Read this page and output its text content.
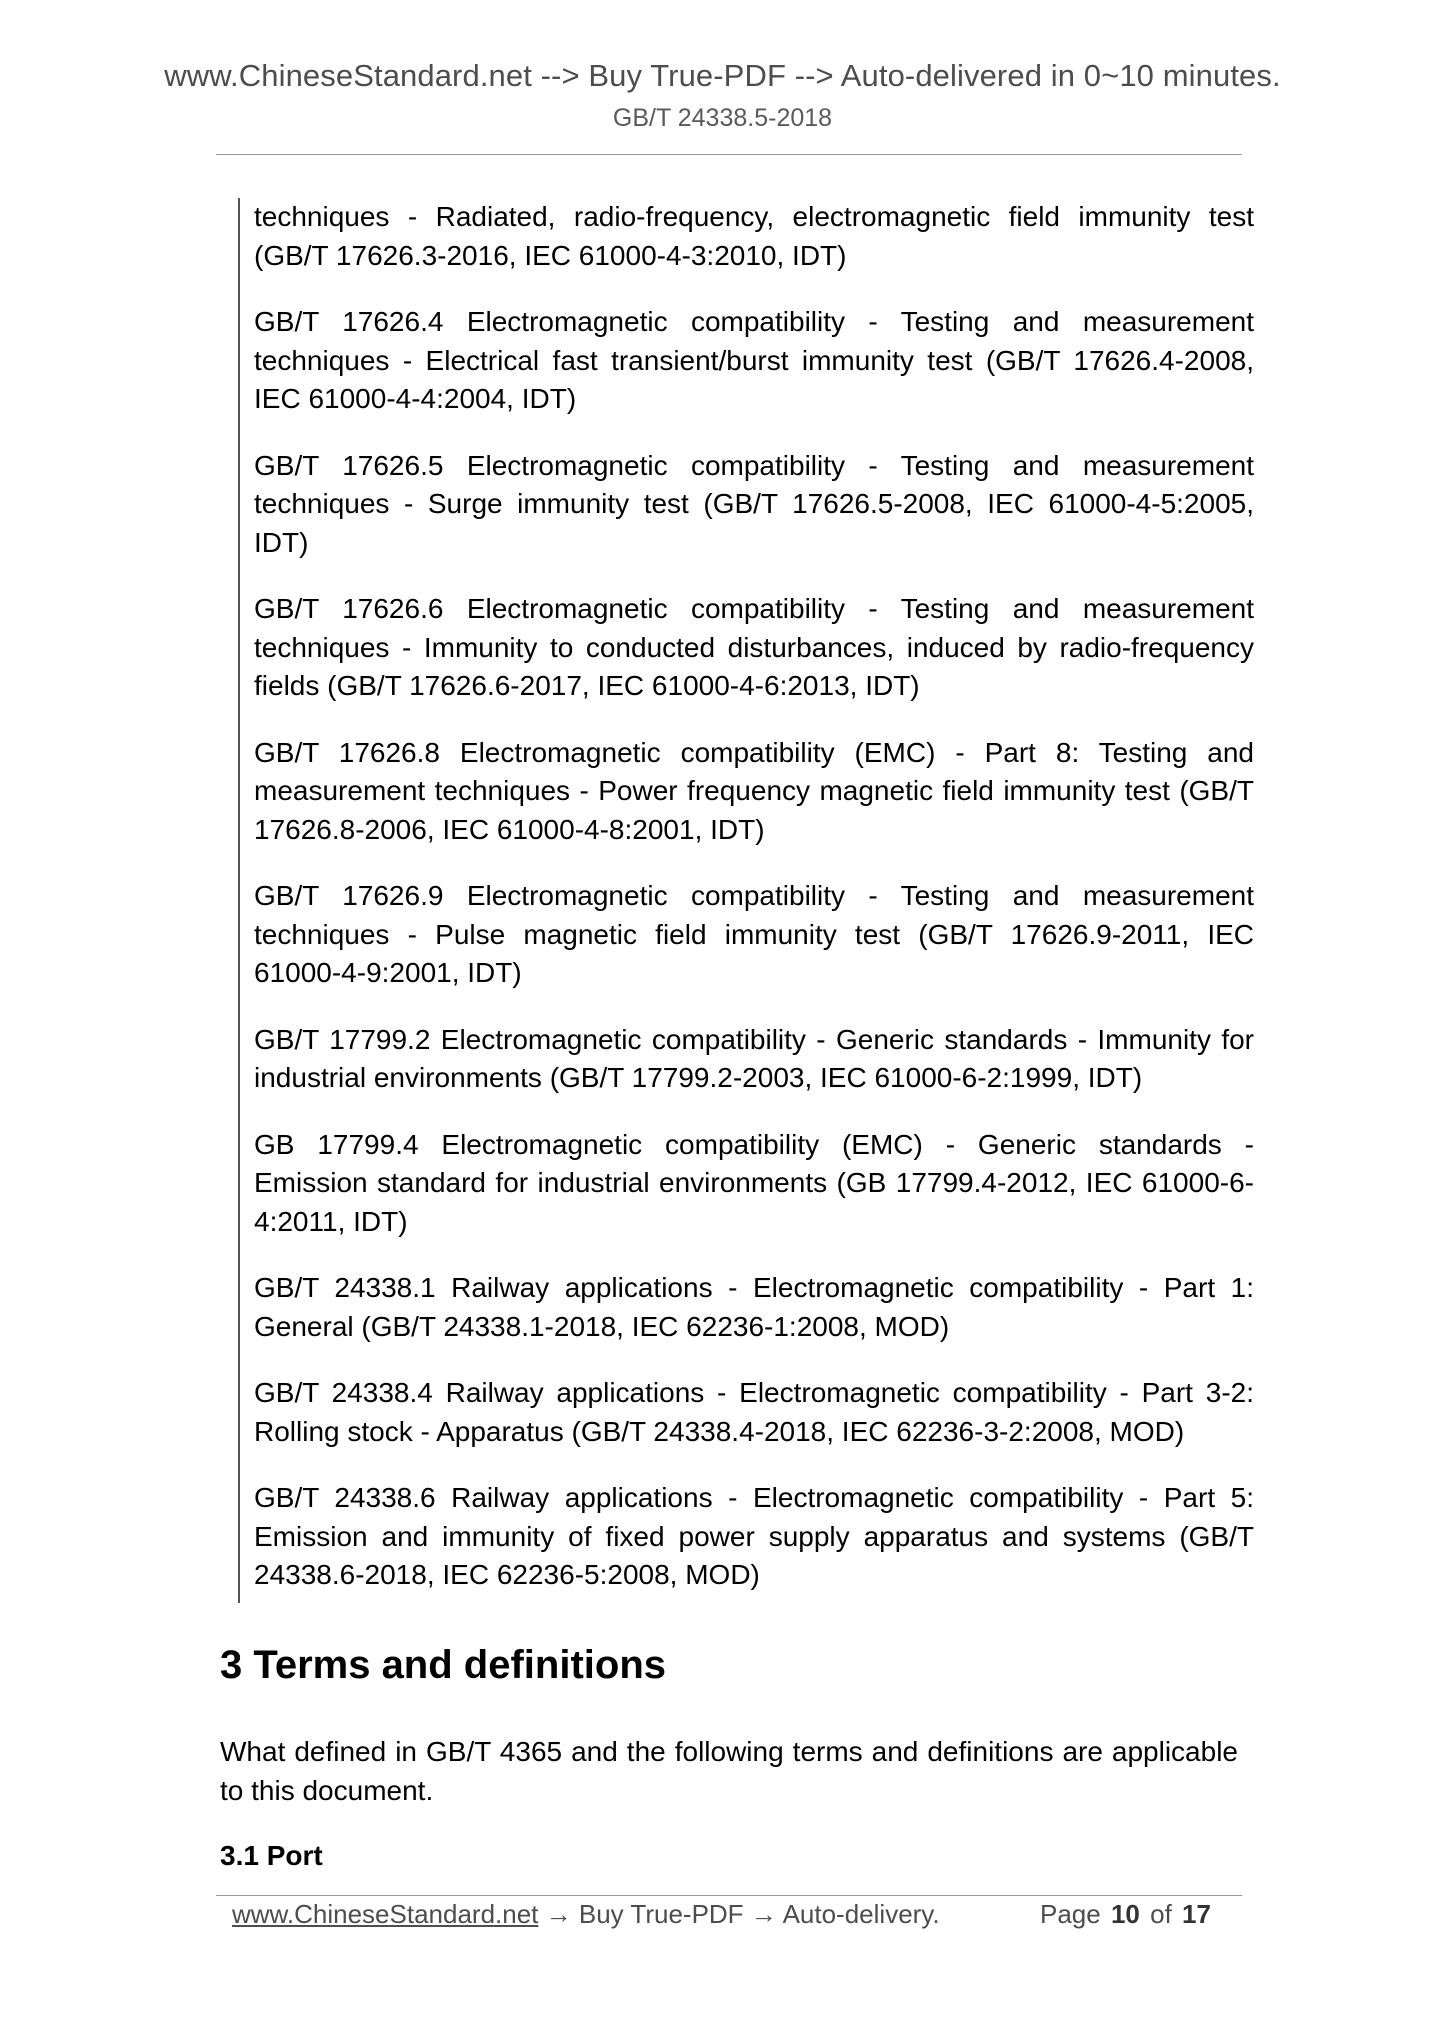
www.ChineseStandard.net --> Buy True-PDF --> Auto-delivered in 0~10 minutes.
GB/T 24338.5-2018

techniques - Radiated, radio-frequency, electromagnetic field immunity test (GB/T 17626.3-2016, IEC 61000-4-3:2010, IDT)

GB/T 17626.4 Electromagnetic compatibility - Testing and measurement techniques - Electrical fast transient/burst immunity test (GB/T 17626.4-2008, IEC 61000-4-4:2004, IDT)

GB/T 17626.5 Electromagnetic compatibility - Testing and measurement techniques - Surge immunity test (GB/T 17626.5-2008, IEC 61000-4-5:2005, IDT)

GB/T 17626.6 Electromagnetic compatibility - Testing and measurement techniques - Immunity to conducted disturbances, induced by radio-frequency fields (GB/T 17626.6-2017, IEC 61000-4-6:2013, IDT)

GB/T 17626.8 Electromagnetic compatibility (EMC) - Part 8: Testing and measurement techniques - Power frequency magnetic field immunity test (GB/T 17626.8-2006, IEC 61000-4-8:2001, IDT)

GB/T 17626.9 Electromagnetic compatibility - Testing and measurement techniques - Pulse magnetic field immunity test (GB/T 17626.9-2011, IEC 61000-4-9:2001, IDT)

GB/T 17799.2 Electromagnetic compatibility - Generic standards - Immunity for industrial environments (GB/T 17799.2-2003, IEC 61000-6-2:1999, IDT)

GB 17799.4 Electromagnetic compatibility (EMC) - Generic standards - Emission standard for industrial environments (GB 17799.4-2012, IEC 61000-6-4:2011, IDT)

GB/T 24338.1 Railway applications - Electromagnetic compatibility - Part 1: General (GB/T 24338.1-2018, IEC 62236-1:2008, MOD)

GB/T 24338.4 Railway applications - Electromagnetic compatibility - Part 3-2: Rolling stock - Apparatus (GB/T 24338.4-2018, IEC 62236-3-2:2008, MOD)

GB/T 24338.6 Railway applications - Electromagnetic compatibility - Part 5: Emission and immunity of fixed power supply apparatus and systems (GB/T 24338.6-2018, IEC 62236-5:2008, MOD)

3 Terms and definitions
What defined in GB/T 4365 and the following terms and definitions are applicable to this document.
3.1 Port
www.ChineseStandard.net → Buy True-PDF → Auto-delivery.	Page 10 of 17
